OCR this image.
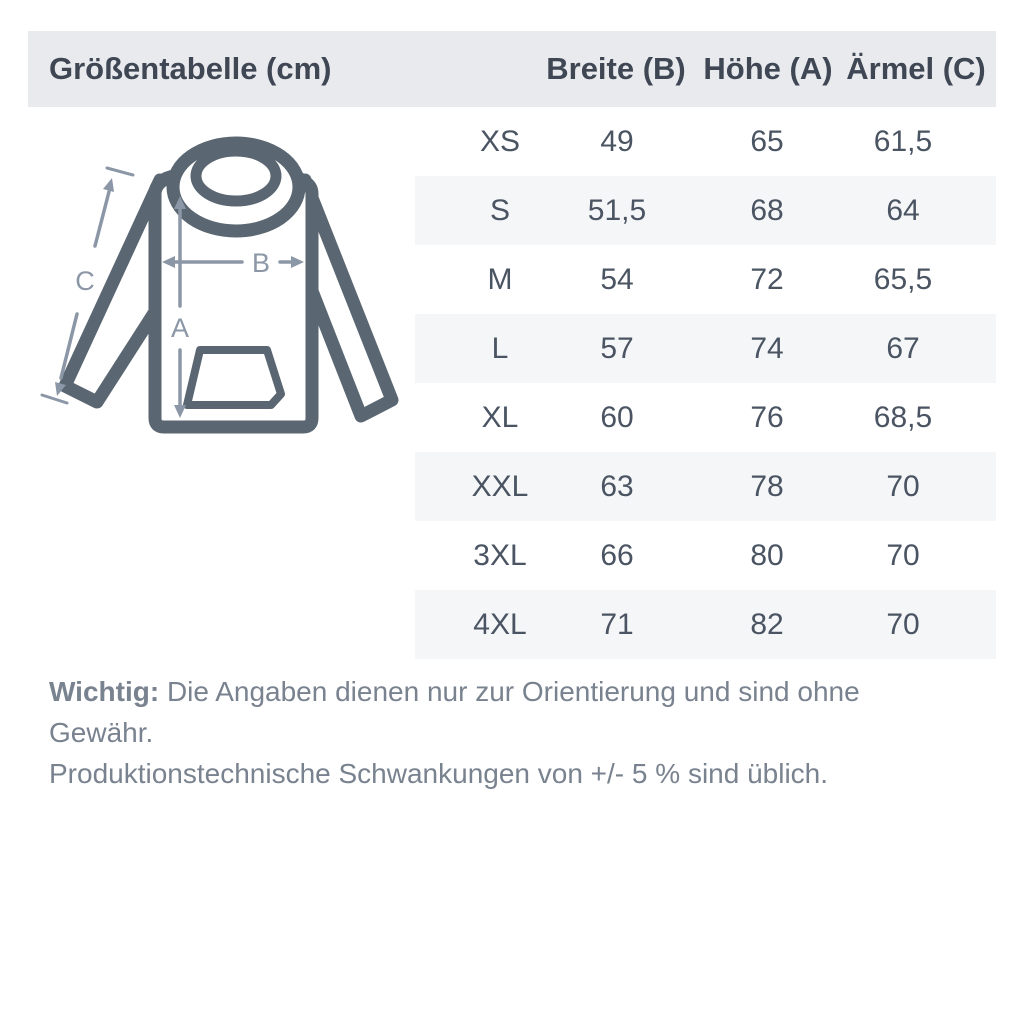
Größentabelle (cm)	Breite (B) Höhe (A) Ärmel (C)
A
B
C
XS	49	65	61,5
S	51,5	68	64
M	54	72	65,5
L	57	74	67
XL	60	76	68,5
XXL 63	78	70
3XL 66	80	70
4XL 71	82	70
Wichtig: Die Angaben dienen nur zur Orientierung und sind ohne Gewähr.
Produktionstechnische Schwankungen von +/- 5 % sind üblich.
